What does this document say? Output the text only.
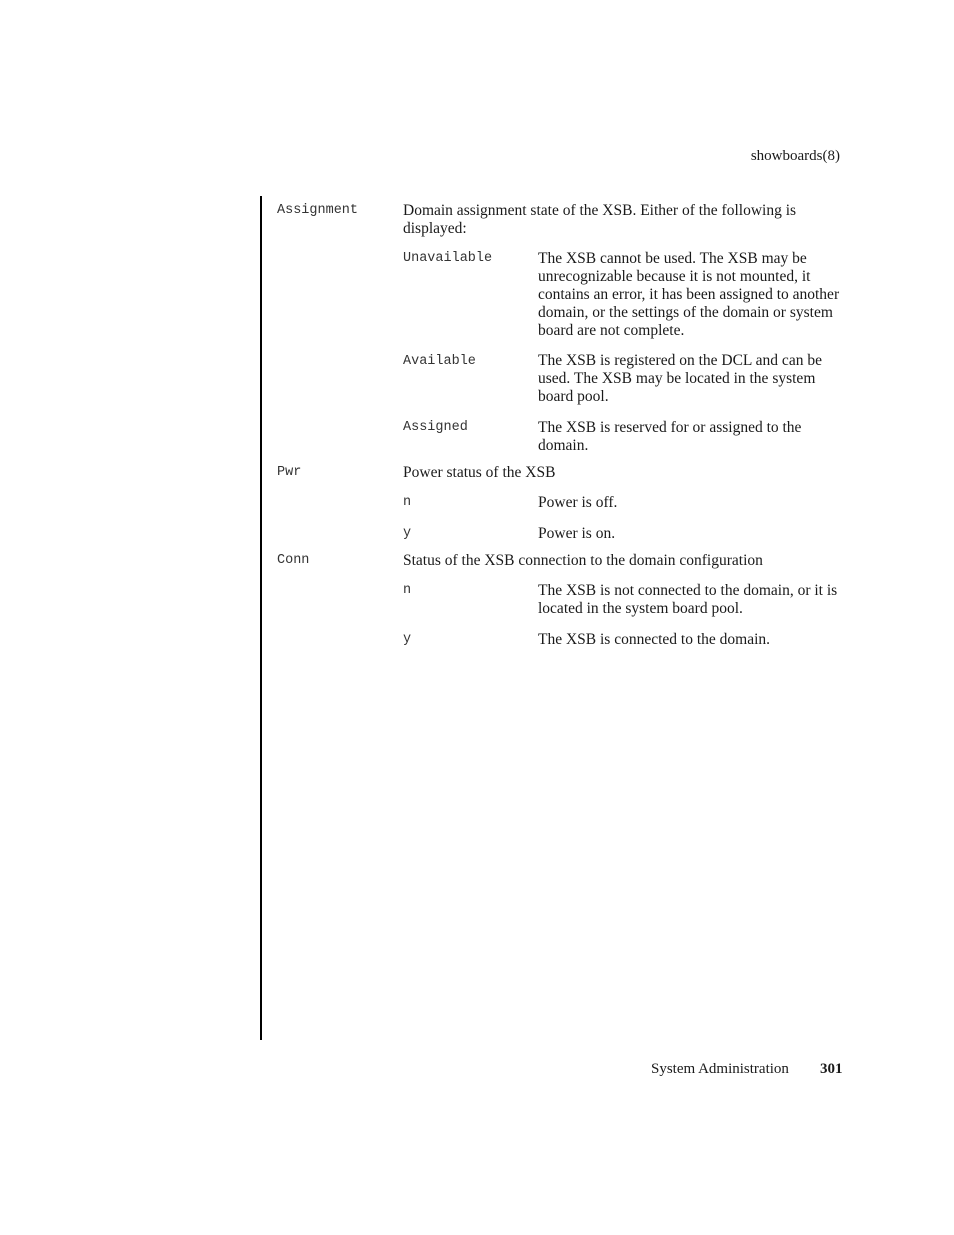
showboards(8)
Assignment	Domain assignment state of the XSB. Either of the following is displayed:
Unavailable	The XSB cannot be used. The XSB may be unrecognizable because it is not mounted, it contains an error, it has been assigned to another domain, or the settings of the domain or system board are not complete.
Available	The XSB is registered on the DCL and can be used. The XSB may be located in the system board pool.
Assigned	The XSB is reserved for or assigned to the domain.
Pwr	Power status of the XSB
n	Power is off.
y	Power is on.
Conn	Status of the XSB connection to the domain configuration
n	The XSB is not connected to the domain, or it is located in the system board pool.
y	The XSB is connected to the domain.
System Administration 301
